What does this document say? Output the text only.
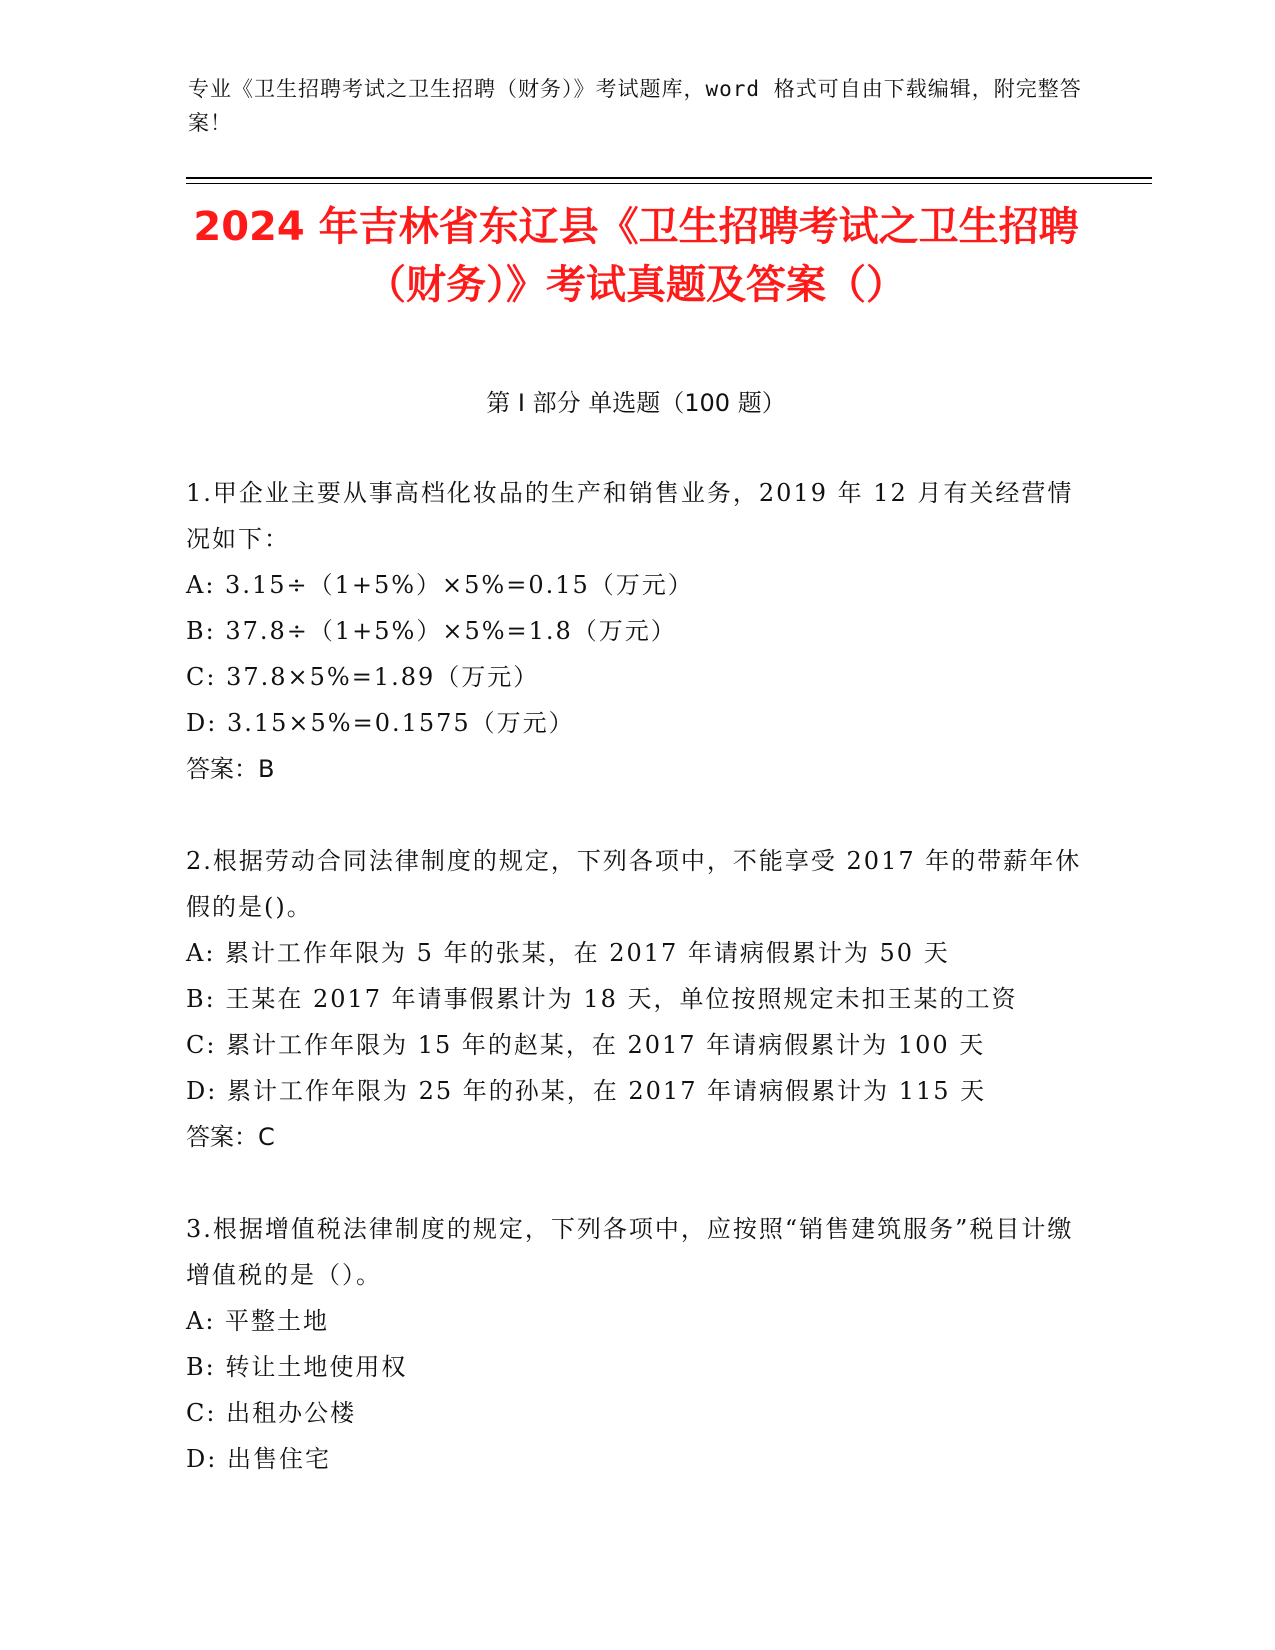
专业《卫生招聘考试之卫生招聘（财务）》考试题库，word 格式可自由下载编辑，附完整答案！
2024 年吉林省东辽县《卫生招聘考试之卫生招聘（财务）》考试真题及答案（）
第 I 部分 单选题（100 题）

1.甲企业主要从事高档化妆品的生产和销售业务，2019 年 12 月有关经营情况如下：

A: 3.15÷（1+5%）×5%=0.15（万元）

B: 37.8÷（1+5%）×5%=1.8（万元）

C: 37.8×5%=1.89（万元）

D: 3.15×5%=0.1575（万元）

答案：B

2.根据劳动合同法律制度的规定，下列各项中，不能享受 2017 年的带薪年休假的是()。

A: 累计工作年限为 5 年的张某，在 2017 年请病假累计为 50 天

B: 王某在 2017 年请事假累计为 18 天，单位按照规定未扣王某的工资

C: 累计工作年限为 15 年的赵某，在 2017 年请病假累计为 100 天

D: 累计工作年限为 25 年的孙某，在 2017 年请病假累计为 115 天

答案：C

3.根据增值税法律制度的规定，下列各项中，应按照“销售建筑服务”税目计缴增值税的是（）。

A: 平整土地

B: 转让土地使用权

C: 出租办公楼

D: 出售住宅
